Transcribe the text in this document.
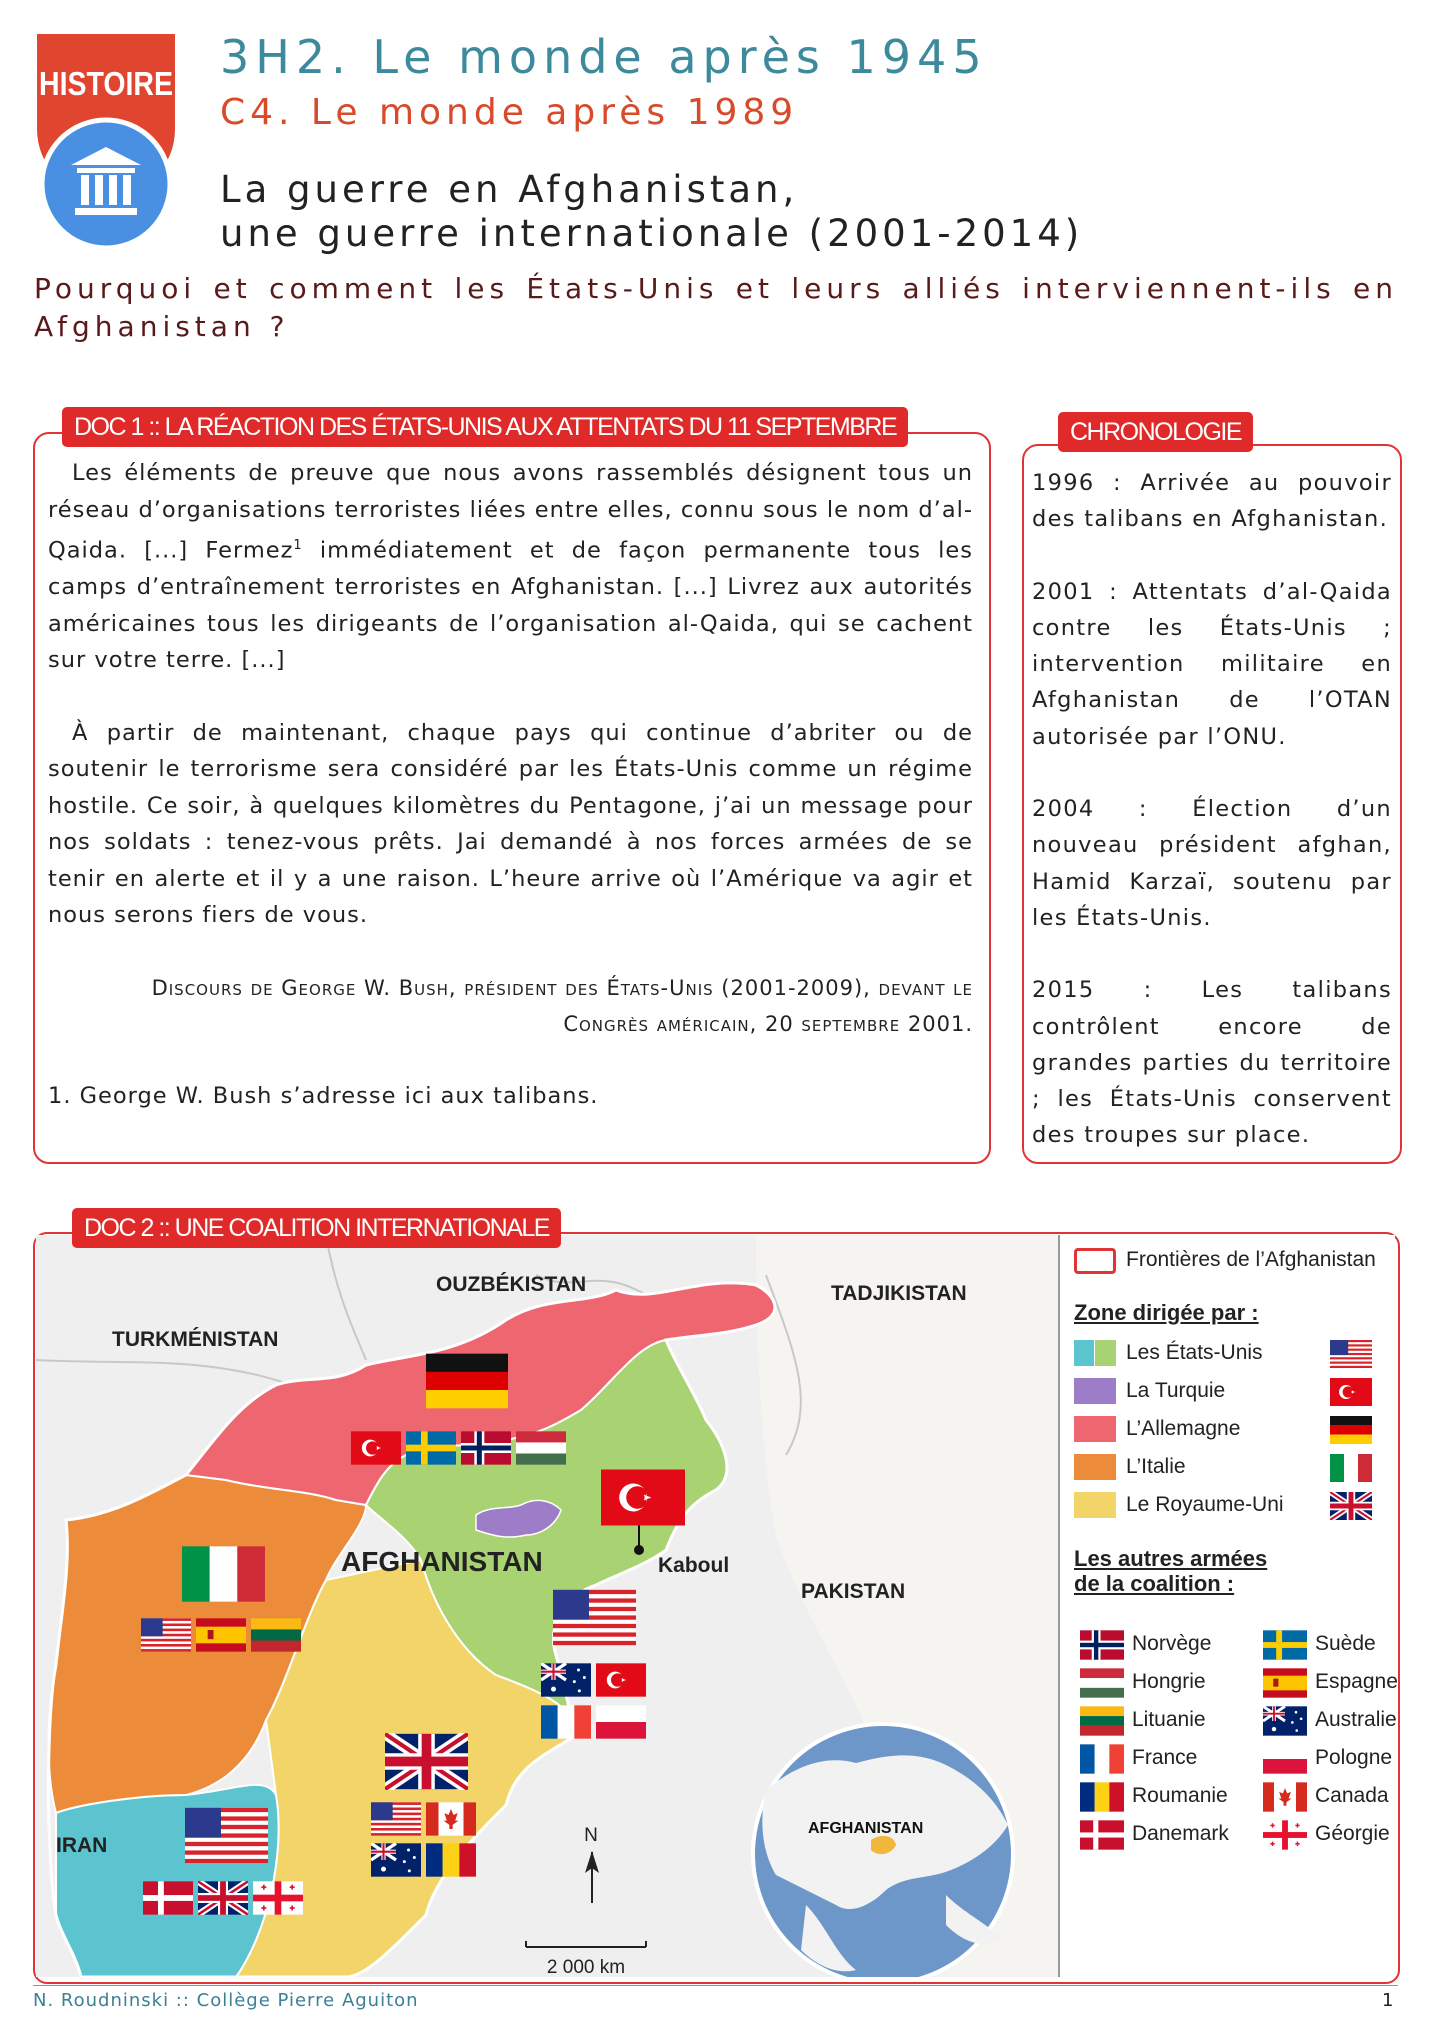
HISTOIRE 3H2. Le monde après 1945
C4. Le monde après 1989
La guerre en Afghanistan,
une guerre internationale (2001-2014)
Pourquoi et comment les États-Unis et leurs alliés interviennent-ils en Afghanistan ?
DOC 1 :: LA RÉACTION DES ÉTATS-UNIS AUX ATTENTATS DU 11 SEPTEMBRE

Les éléments de preuve que nous avons rassemblés désignent tous un réseau d’organisations terroristes liées entre elles, connu sous le nom d’al-Qaida. [...] Fermez$^1$ immédiatement et de façon permanente tous les camps d’entraînement terroristes en Afghanistan. [...] Livrez aux autorités américaines tous les dirigeants de l’organisation al-Qaida, qui se cachent sur votre terre. [...]

À partir de maintenant, chaque pays qui continue d’abriter ou de soutenir le terrorisme sera considéré par les États-Unis comme un régime hostile. Ce soir, à quelques kilomètres du Pentagone, j’ai un message pour nos soldats : tenez-vous prêts. Jai demandé à nos forces armées de se tenir en alerte et il y a une raison. L’heure arrive où l’Amérique va agir et nous serons fiers de vous.

Discours de George W. Bush, président des États-Unis (2001-2009), devant le

Congrès américain, 20 septembre 2001.

1. George W. Bush s’adresse ici aux talibans.

CHRONOLOGIE

1996 : Arrivée au pouvoir des talibans en Afghanistan.

2001 : Attentats d’al-Qaida contre les États-Unis ; intervention militaire en Afghanistan de l’OTAN autorisée par l’ONU.

2004 : Élection d’un nouveau président afghan, Hamid Karzaï, soutenu par les États-Unis.

2015 : Les talibans contrôlent encore de grandes parties du territoire ; les États-Unis conservent des troupes sur place.

OUZBÉKISTAN	TADJIKISTAN
TURKMÉNISTAN
AFGHANISTAN	Kaboul
PAKISTAN
IRAN	N
2 000 km
AFGHANISTAN
Frontières de l’Afghanistan
Zone dirigée par :
Les États-Unis
La Turquie
L’Allemagne
L’Italie
Le Royaume-Uni
Les autres armées
de la coalition :
Norvège	Suède
Hongrie	Espagne
Lituanie	Australie
France	Pologne
Roumanie	Canada
Danemark	Géorgie
DOC 2 :: UNE COALITION INTERNATIONALE
N. Roudninski :: Collège Pierre Aguiton	1
